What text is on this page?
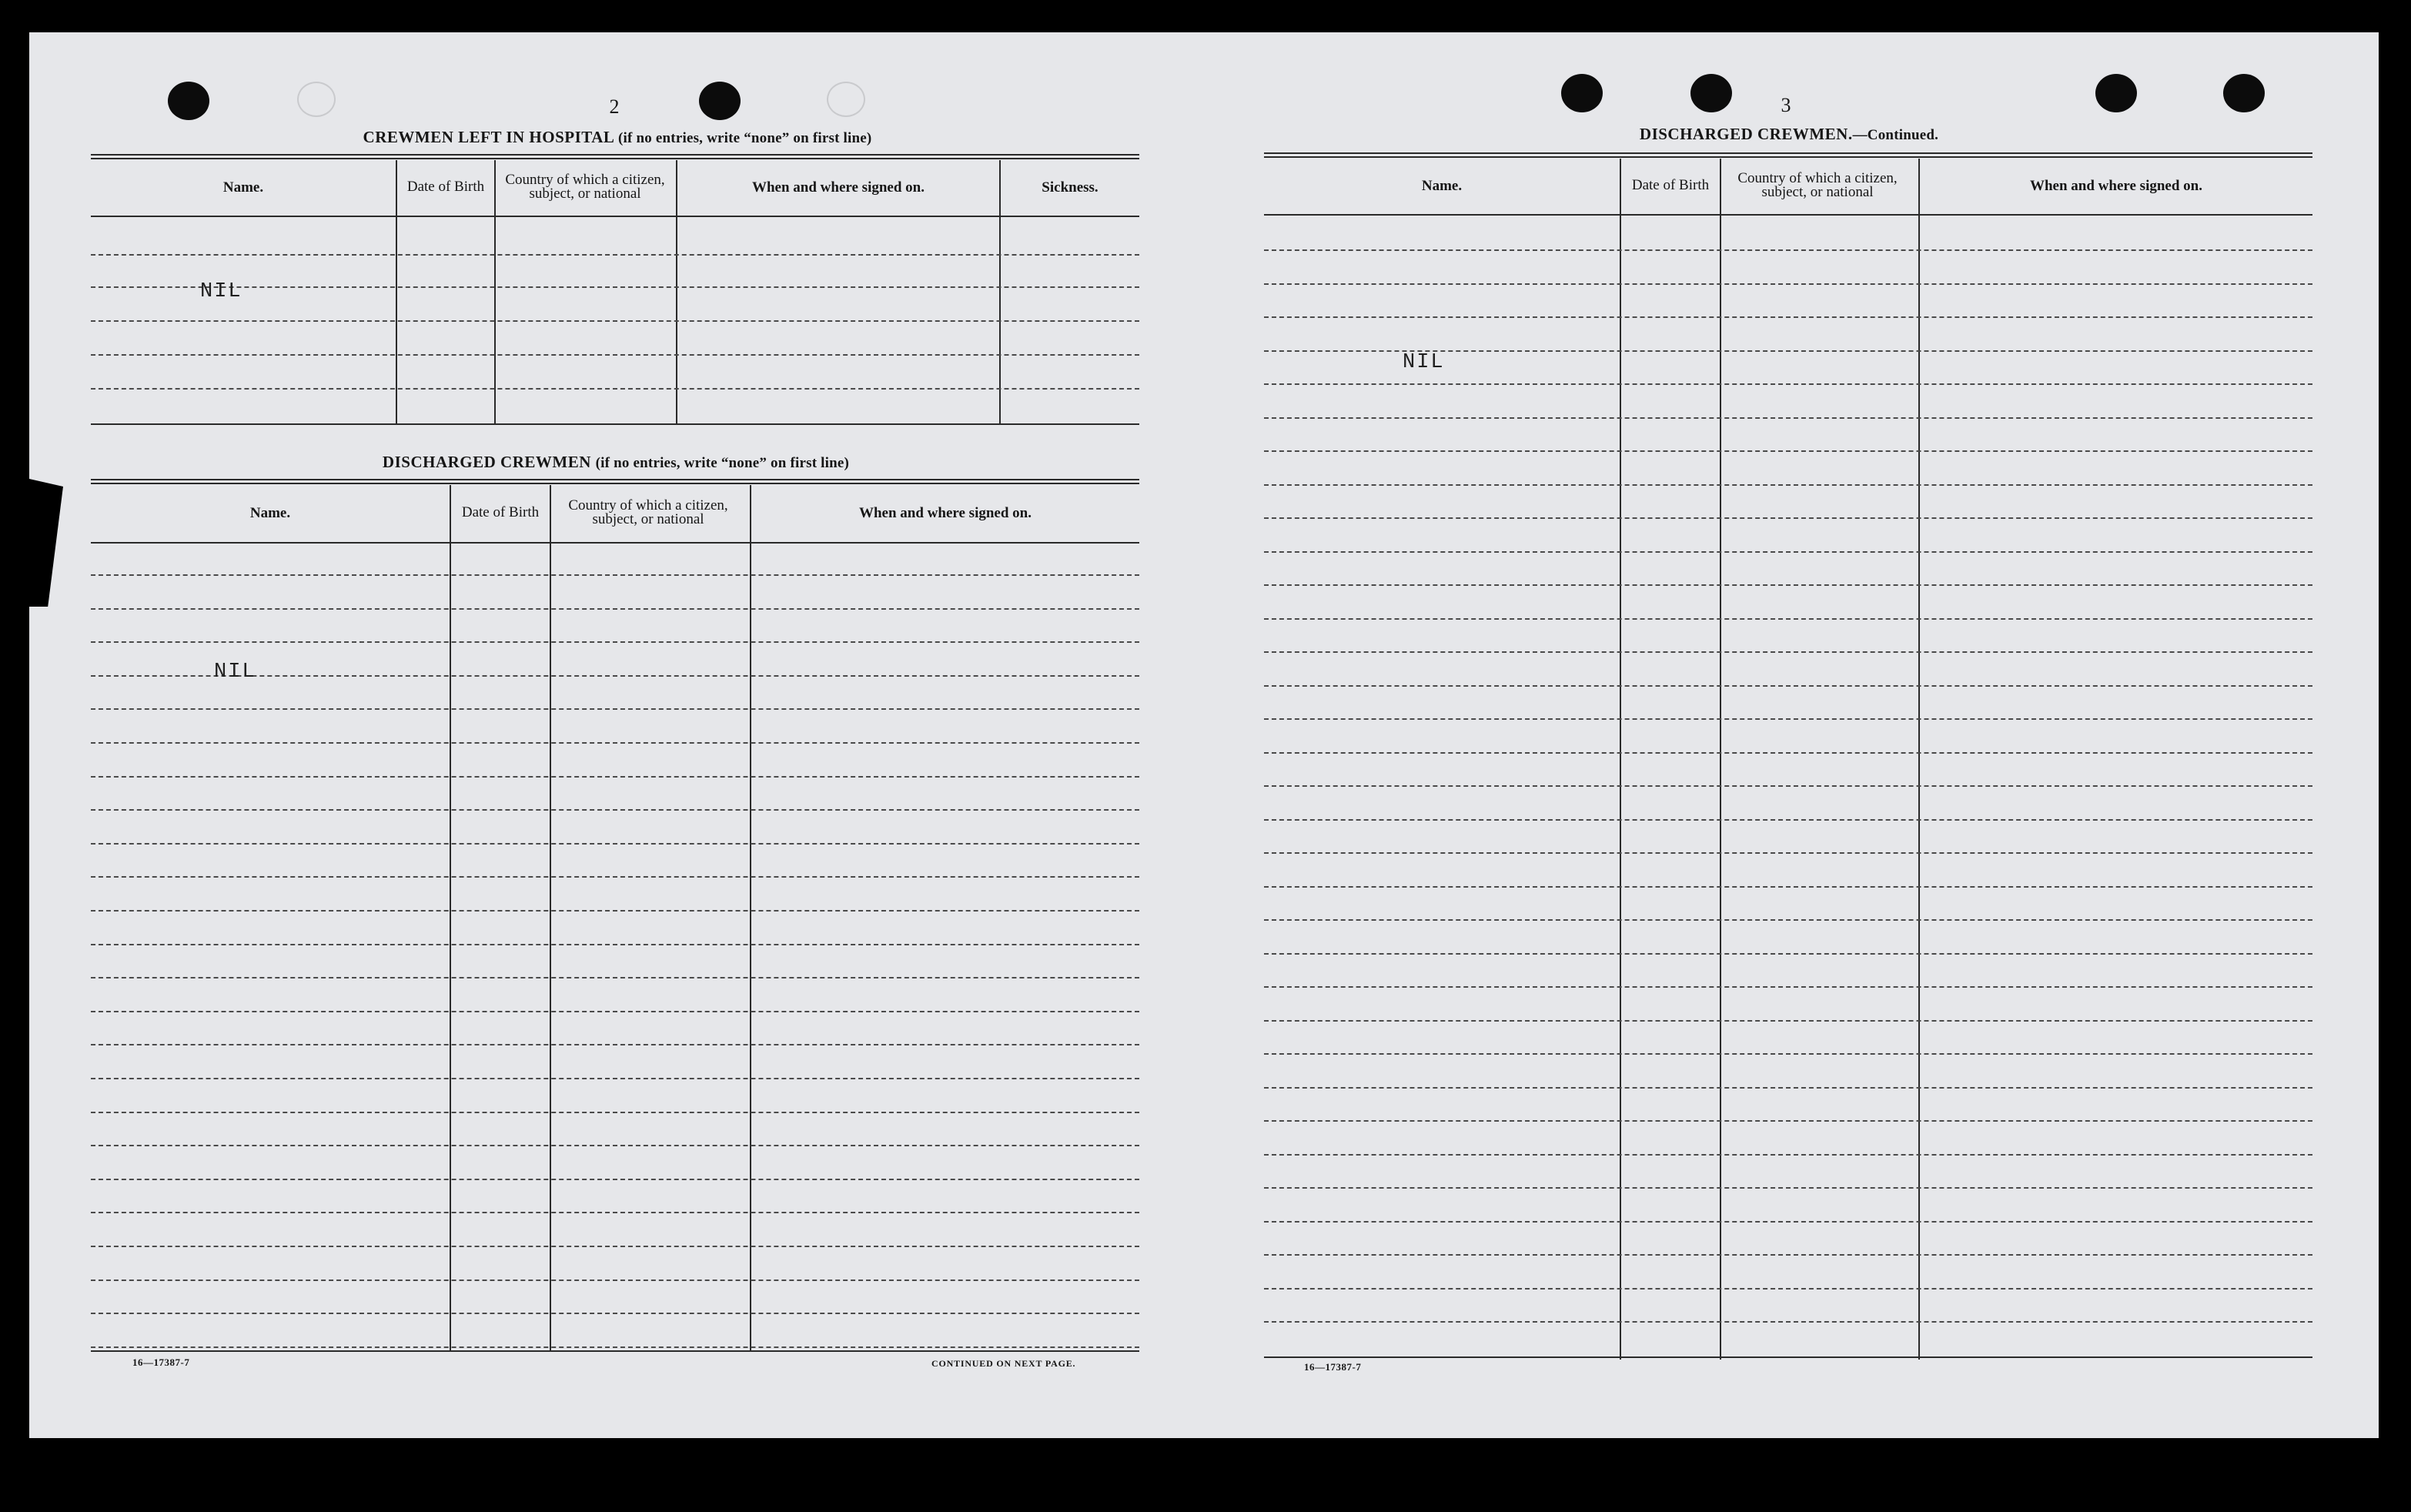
2
CREWMEN LEFT IN HOSPITAL (if no entries, write “none” on first line)
Name.	Date of Birth	Country of which a citizen, subject, or national	When and where signed on.	Sickness.
NIL
DISCHARGED CREWMEN (if no entries, write “none” on first line)
Name.	Date of Birth	Country of which a citizen, subject, or national	When and where signed on.
NIL
16—17387-7	CONTINUED ON NEXT PAGE.
3
DISCHARGED CREWMEN.—Continued.
Name.	Date of Birth	Country of which a citizen, subject, or national	When and where signed on.
NIL
16—17387-7
